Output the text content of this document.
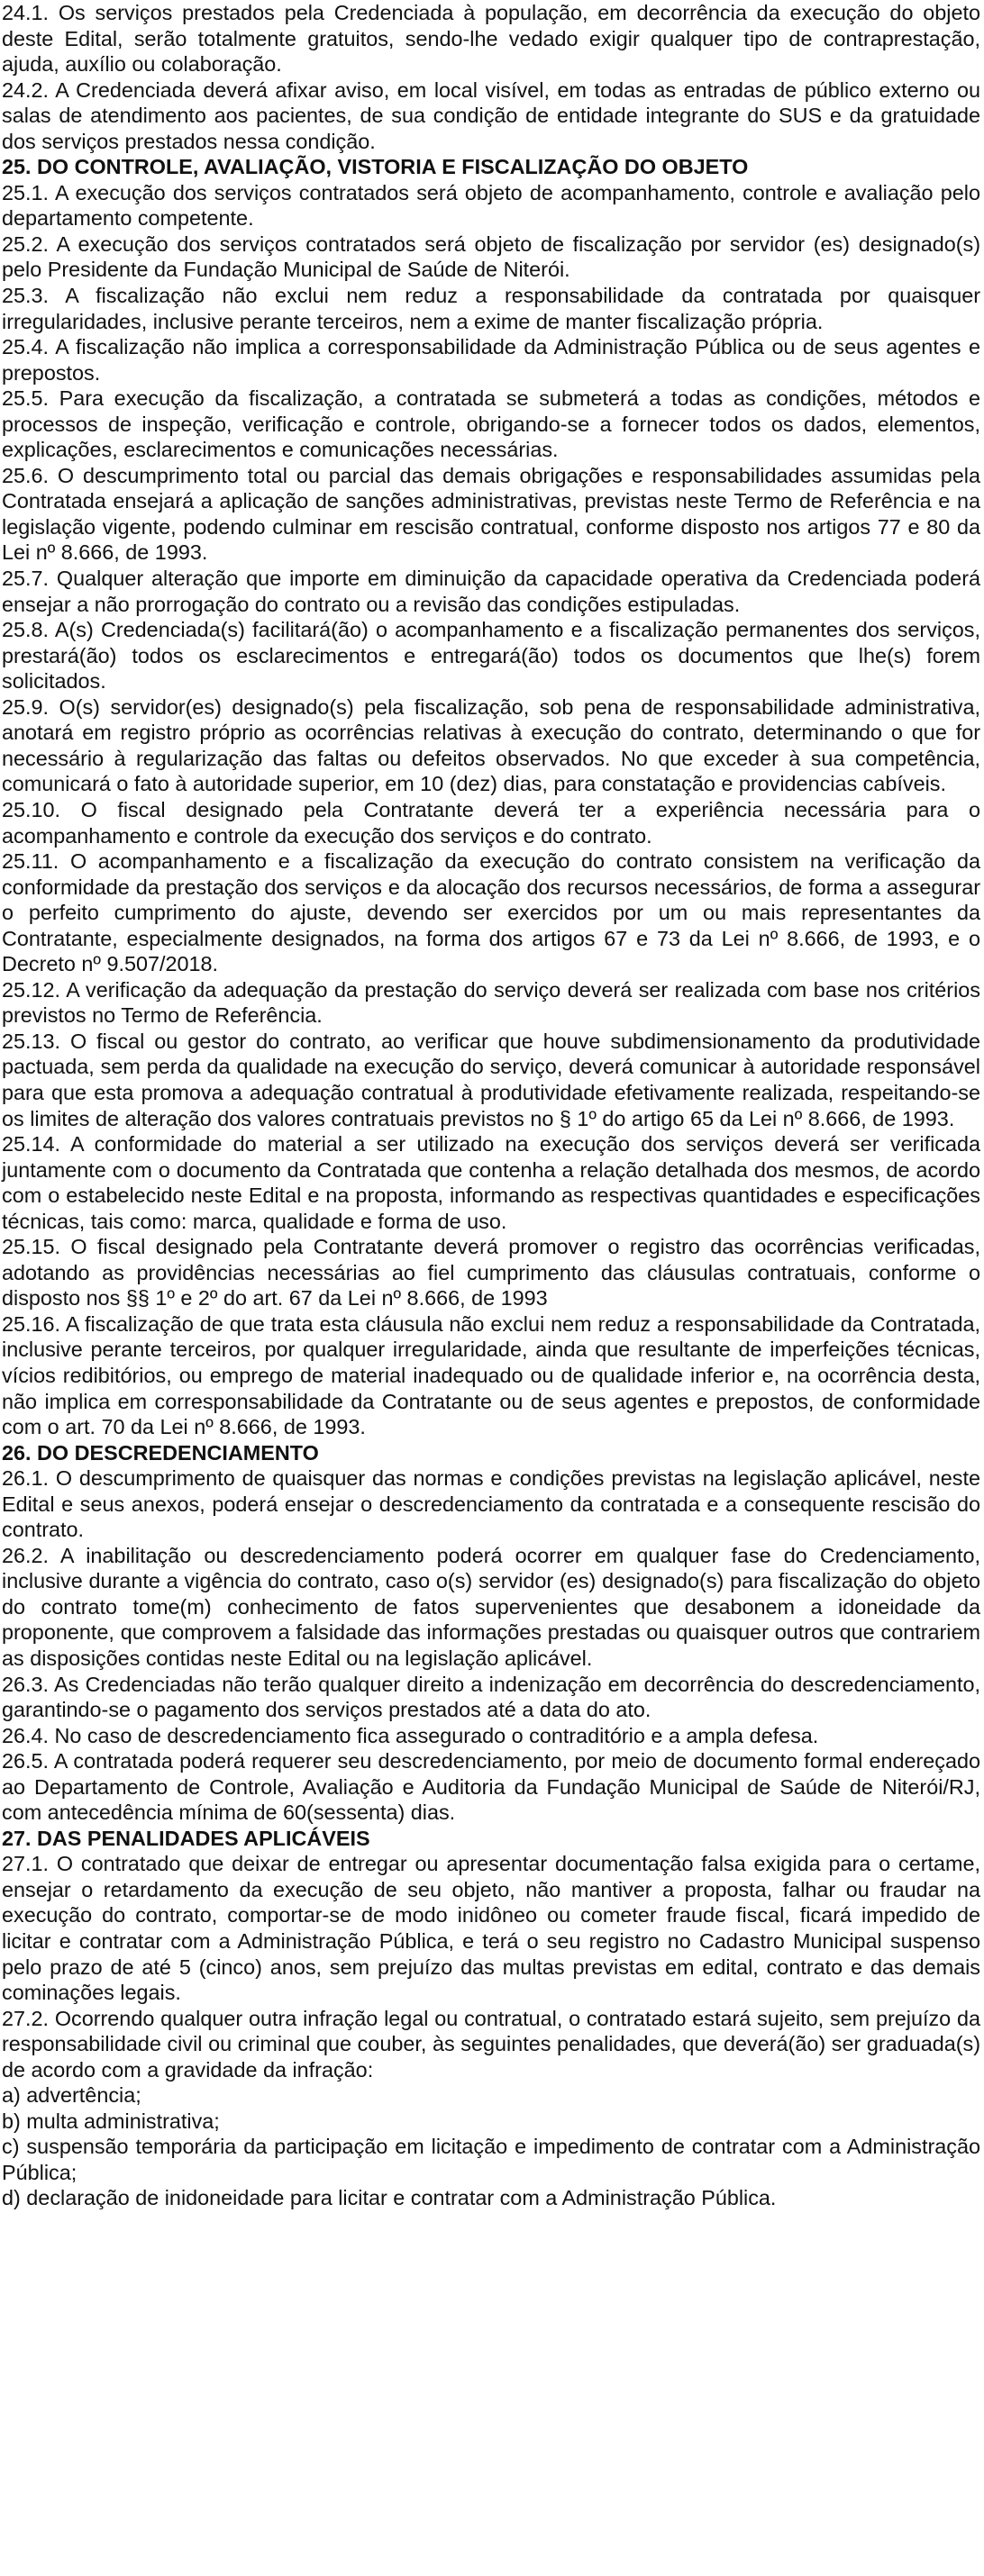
24.1. Os serviços prestados pela Credenciada à população, em decorrência da execução do objeto deste Edital, serão totalmente gratuitos, sendo-lhe vedado exigir qualquer tipo de contraprestação, ajuda, auxílio ou colaboração.

24.2. A Credenciada deverá afixar aviso, em local visível, em todas as entradas de público externo ou salas de atendimento aos pacientes, de sua condição de entidade integrante do SUS e da gratuidade dos serviços prestados nessa condição.

25. DO CONTROLE, AVALIAÇÃO, VISTORIA E FISCALIZAÇÃO DO OBJETO

25.1. A execução dos serviços contratados será objeto de acompanhamento, controle e avaliação pelo departamento competente.

25.2. A execução dos serviços contratados será objeto de fiscalização por servidor (es) designado(s) pelo Presidente da Fundação Municipal de Saúde de Niterói.

25.3. A fiscalização não exclui nem reduz a responsabilidade da contratada por quaisquer irregularidades, inclusive perante terceiros, nem a exime de manter fiscalização própria.

25.4. A fiscalização não implica a corresponsabilidade da Administração Pública ou de seus agentes e prepostos.

25.5. Para execução da fiscalização, a contratada se submeterá a todas as condições, métodos e processos de inspeção, verificação e controle, obrigando-se a fornecer todos os dados, elementos, explicações, esclarecimentos e comunicações necessárias.

25.6. O descumprimento total ou parcial das demais obrigações e responsabilidades assumidas pela Contratada ensejará a aplicação de sanções administrativas, previstas neste Termo de Referência e na legislação vigente, podendo culminar em rescisão contratual, conforme disposto nos artigos 77 e 80 da Lei nº 8.666, de 1993.

25.7. Qualquer alteração que importe em diminuição da capacidade operativa da Credenciada poderá ensejar a não prorrogação do contrato ou a revisão das condições estipuladas.

25.8. A(s) Credenciada(s) facilitará(ão) o acompanhamento e a fiscalização permanentes dos serviços, prestará(ão) todos os esclarecimentos e entregará(ão) todos os documentos que lhe(s) forem solicitados.

25.9. O(s) servidor(es) designado(s) pela fiscalização, sob pena de responsabilidade administrativa, anotará em registro próprio as ocorrências relativas à execução do contrato, determinando o que for necessário à regularização das faltas ou defeitos observados. No que exceder à sua competência, comunicará o fato à autoridade superior, em 10 (dez) dias, para constatação e providencias cabíveis.

25.10. O fiscal designado pela Contratante deverá ter a experiência necessária para o acompanhamento e controle da execução dos serviços e do contrato.

25.11. O acompanhamento e a fiscalização da execução do contrato consistem na verificação da conformidade da prestação dos serviços e da alocação dos recursos necessários, de forma a assegurar o perfeito cumprimento do ajuste, devendo ser exercidos por um ou mais representantes da Contratante, especialmente designados, na forma dos artigos 67 e 73 da Lei nº 8.666, de 1993, e o Decreto nº 9.507/2018.

25.12. A verificação da adequação da prestação do serviço deverá ser realizada com base nos critérios previstos no Termo de Referência.

25.13. O fiscal ou gestor do contrato, ao verificar que houve subdimensionamento da produtividade pactuada, sem perda da qualidade na execução do serviço, deverá comunicar à autoridade responsável para que esta promova a adequação contratual à produtividade efetivamente realizada, respeitando-se os limites de alteração dos valores contratuais previstos no § 1º do artigo 65 da Lei nº 8.666, de 1993.

25.14. A conformidade do material a ser utilizado na execução dos serviços deverá ser verificada juntamente com o documento da Contratada que contenha a relação detalhada dos mesmos, de acordo com o estabelecido neste Edital e na proposta, informando as respectivas quantidades e especificações técnicas, tais como: marca, qualidade e forma de uso.

25.15. O fiscal designado pela Contratante deverá promover o registro das ocorrências verificadas, adotando as providências necessárias ao fiel cumprimento das cláusulas contratuais, conforme o disposto nos §§ 1º e 2º do art. 67 da Lei nº 8.666, de 1993

25.16. A fiscalização de que trata esta cláusula não exclui nem reduz a responsabilidade da Contratada, inclusive perante terceiros, por qualquer irregularidade, ainda que resultante de imperfeições técnicas, vícios redibitórios, ou emprego de material inadequado ou de qualidade inferior e, na ocorrência desta, não implica em corresponsabilidade da Contratante ou de seus agentes e prepostos, de conformidade com o art. 70 da Lei nº 8.666, de 1993.

26. DO DESCREDENCIAMENTO

26.1. O descumprimento de quaisquer das normas e condições previstas na legislação aplicável, neste Edital e seus anexos, poderá ensejar o descredenciamento da contratada e a consequente rescisão do contrato.

26.2. A inabilitação ou descredenciamento poderá ocorrer em qualquer fase do Credenciamento, inclusive durante a vigência do contrato, caso o(s) servidor (es) designado(s) para fiscalização do objeto do contrato tome(m) conhecimento de fatos supervenientes que desabonem a idoneidade da proponente, que comprovem a falsidade das informações prestadas ou quaisquer outros que contrariem as disposições contidas neste Edital ou na legislação aplicável.

26.3. As Credenciadas não terão qualquer direito a indenização em decorrência do descredenciamento, garantindo-se o pagamento dos serviços prestados até a data do ato.

26.4. No caso de descredenciamento fica assegurado o contraditório e a ampla defesa.

26.5. A contratada poderá requerer seu descredenciamento, por meio de documento formal endereçado ao Departamento de Controle, Avaliação e Auditoria da Fundação Municipal de Saúde de Niterói/RJ, com antecedência mínima de 60(sessenta) dias.

27. DAS PENALIDADES APLICÁVEIS

27.1. O contratado que deixar de entregar ou apresentar documentação falsa exigida para o certame, ensejar o retardamento da execução de seu objeto, não mantiver a proposta, falhar ou fraudar na execução do contrato, comportar-se de modo inidôneo ou cometer fraude fiscal, ficará impedido de licitar e contratar com a Administração Pública, e terá o seu registro no Cadastro Municipal suspenso pelo prazo de até 5 (cinco) anos, sem prejuízo das multas previstas em edital, contrato e das demais cominações legais.

27.2. Ocorrendo qualquer outra infração legal ou contratual, o contratado estará sujeito, sem prejuízo da responsabilidade civil ou criminal que couber, às seguintes penalidades, que deverá(ão) ser graduada(s) de acordo com a gravidade da infração:

a) advertência;

b) multa administrativa;

c) suspensão temporária da participação em licitação e impedimento de contratar com a Administração Pública;

d) declaração de inidoneidade para licitar e contratar com a Administração Pública.
